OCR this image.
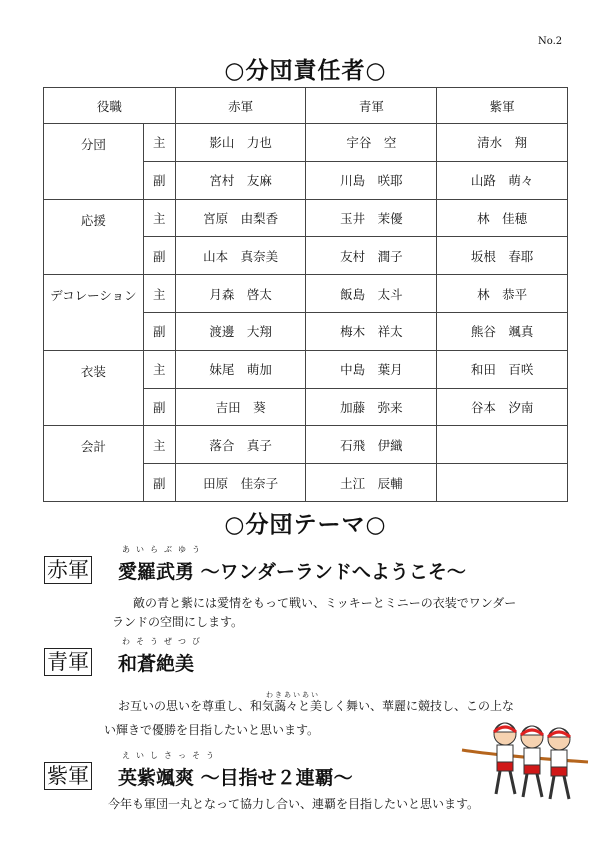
No.2
○分団責任者○
役職		赤軍	青軍	紫軍
分団	主	影山　力也	宇谷　空	清水　翔
	副	宮村　友麻	川島　咲耶	山路　萌々
応援	主	宮原　由梨香	玉井　茉優	林　佳穂
	副	山本　真奈美	友村　潤子	坂根　春耶
デコレーション	主	月森　啓太	飯島　太斗	林　恭平
	副	渡邊　大翔	梅木　祥太	熊谷　颯真
衣装	主	妹尾　萌加	中島　葉月	和田　百咲
	副	吉田　葵	加藤　弥来	谷本　汐南
会計	主	落合　真子	石飛　伊織	
	副	田原　佳奈子	土江　辰輔	
○分団テーマ○
赤軍
あいらぶゆう
愛羅武勇 ～ワンダーランドへようこそ～
敵の青と紫には愛情をもって戦い、ミッキーとミニーの衣装でワンダー
ランドの空間にします。
青軍
わそうぜつび
和蒼絶美
わきあいあい
お互いの思いを尊重し、和気藹々と美しく舞い、華麗に競技し、この上な
い輝きで優勝を目指したいと思います。
紫軍
えいしさっそう
英紫颯爽 ～目指せ２連覇～
今年も軍団一丸となって協力し合い、連覇を目指したいと思います。
